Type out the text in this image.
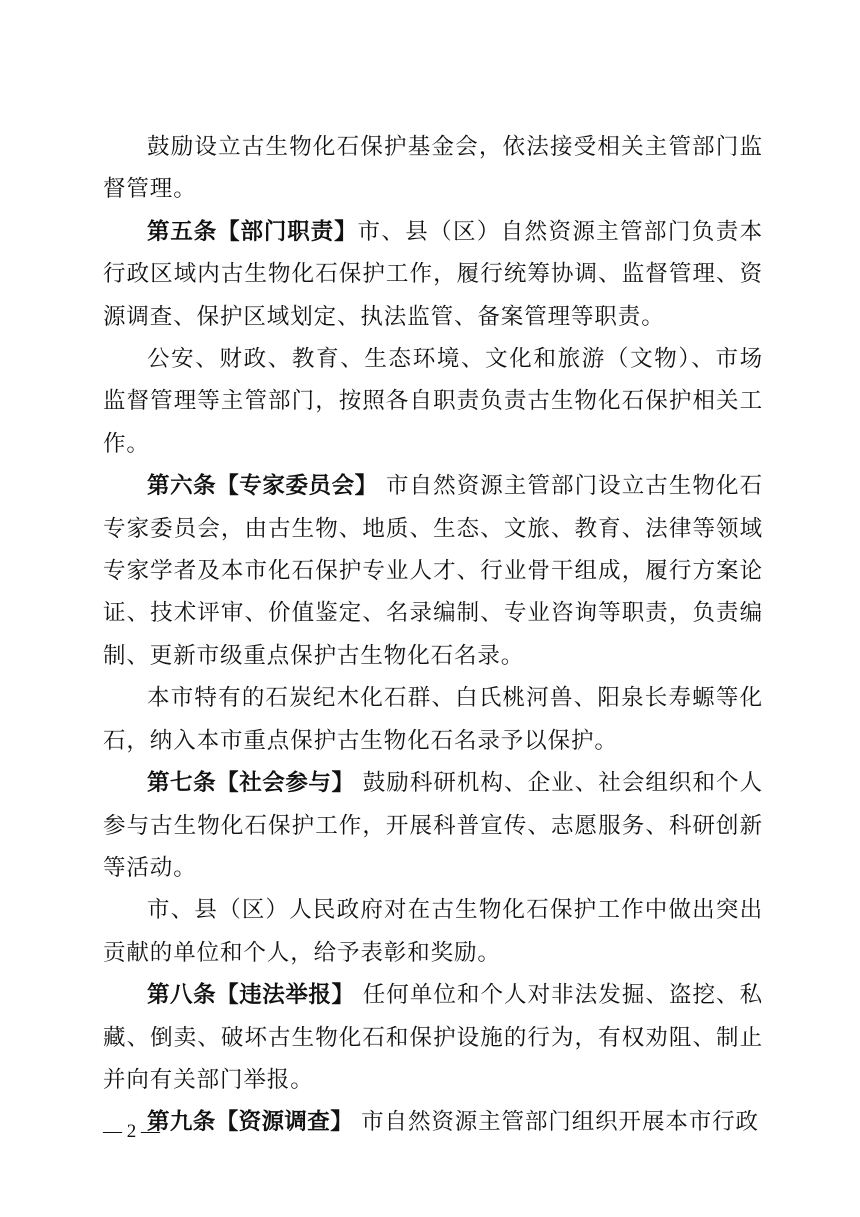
鼓励设立古生物化石保护基金会，依法接受相关主管部门监督管理。

第五条【部门职责】市、县（区）自然资源主管部门负责本行政区域内古生物化石保护工作，履行统筹协调、监督管理、资源调查、保护区域划定、执法监管、备案管理等职责。

公安、财政、教育、生态环境、文化和旅游（文物）、市场监督管理等主管部门，按照各自职责负责古生物化石保护相关工作。

第六条【专家委员会】 市自然资源主管部门设立古生物化石专家委员会，由古生物、地质、生态、文旅、教育、法律等领域专家学者及本市化石保护专业人才、行业骨干组成，履行方案论证、技术评审、价值鉴定、名录编制、专业咨询等职责，负责编制、更新市级重点保护古生物化石名录。

本市特有的石炭纪木化石群、白氏桃河兽、阳泉长寿螈等化石，纳入本市重点保护古生物化石名录予以保护。

第七条【社会参与】 鼓励科研机构、企业、社会组织和个人参与古生物化石保护工作，开展科普宣传、志愿服务、科研创新等活动。

市、县（区）人民政府对在古生物化石保护工作中做出突出贡献的单位和个人，给予表彰和奖励。

第八条【违法举报】 任何单位和个人对非法发掘、盗挖、私藏、倒卖、破坏古生物化石和保护设施的行为，有权劝阻、制止并向有关部门举报。

第九条【资源调查】 市自然资源主管部门组织开展本市行政

— 2 —
